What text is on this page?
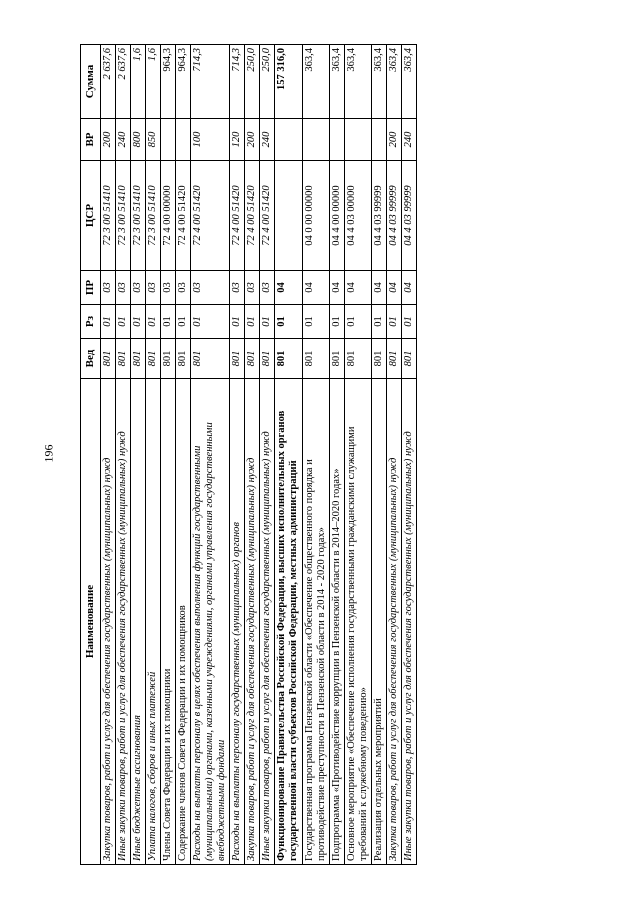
196
Наименование	Вед	Рз	ПР	ЦСР	ВР	Сумма
Закупка товаров, работ и услуг для обеспечения государственных (муниципальных) нужд	801	01	03	72 3 00 51410	200	2 637,6
Иные закупки товаров, работ и услуг для обеспечения государственных (муниципальных) нужд	801	01	03	72 3 00 51410	240	2 637,6
Иные бюджетные ассигнования	801	01	03	72 3 00 51410	800	1,6
Уплата налогов, сборов и иных платежей	801	01	03	72 3 00 51410	850	1,6
Члены Совета Федерации и их помощники	801	01	03	72 4 00 00000		964,3
Содержание членов Совета Федерации и их помощников	801	01	03	72 4 00 51420		964,3
Расходы на выплаты персоналу в целях обеспечения выполнения функций государственными (муниципальными) органами, казенными учреждениями, органами управления государственными внебюджетными фондами	801	01	03	72 4 00 51420	100	714,3
Расходы на выплаты персоналу государственных (муниципальных) органов	801	01	03	72 4 00 51420	120	714,3
Закупка товаров, работ и услуг для обеспечения государственных (муниципальных) нужд	801	01	03	72 4 00 51420	200	250,0
Иные закупки товаров, работ и услуг для обеспечения государственных (муниципальных) нужд	801	01	03	72 4 00 51420	240	250,0
Функционирование Правительства Российской Федерации, высших исполнительных органов государственной власти субъектов Российской Федерации, местных администраций	801	01	04			157 316,0
Государственная программа Пензенской области «Обеспечение общественного порядка и противодействие преступности в Пензенской области в 2014 - 2020 годах»	801	01	04	04 0 00 00000		363,4
Подпрограмма «Противодействие коррупции в Пензенской области в 2014–2020 годах»	801	01	04	04 4 00 00000		363,4
Основное мероприятие «Обеспечение исполнения государственными гражданскими служащими требований к служебному поведению»	801	01	04	04 4 03 00000		363,4
Реализация отдельных мероприятий	801	01	04	04 4 03 99999		363,4
Закупка товаров, работ и услуг для обеспечения государственных (муниципальных) нужд	801	01	04	04 4 03 99999	200	363,4
Иные закупки товаров, работ и услуг для обеспечения государственных (муниципальных) нужд	801	01	04	04 4 03 99999	240	363,4
